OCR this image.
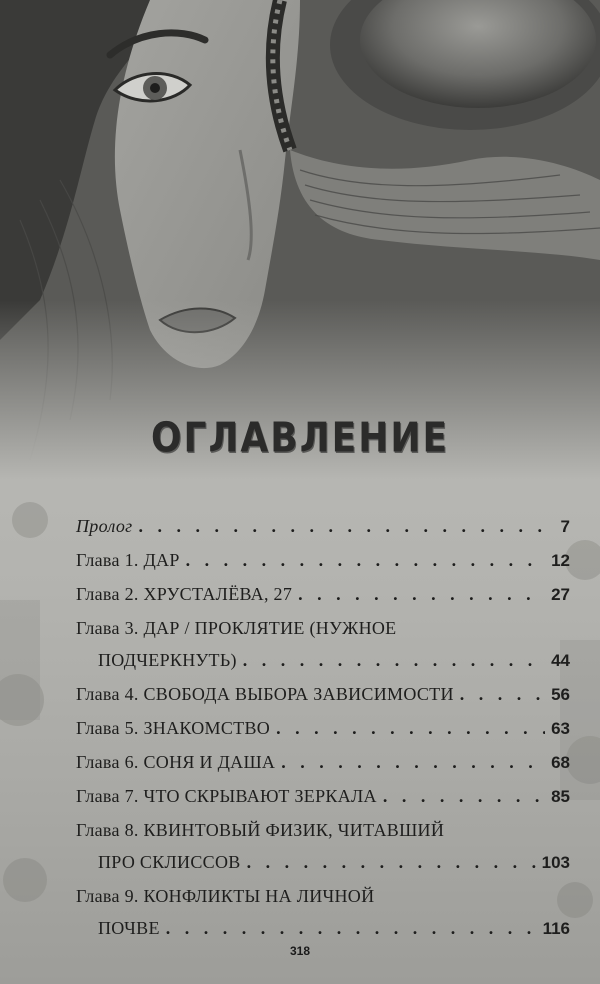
ОГЛАВЛЕНИЕ
Пролог . . .	7
Глава 1. ДАР . . .	12
Глава 2. ХРУСТАЛЁВА, 27 . . .	27
Глава 3. ДАР / ПРОКЛЯТИЕ (НУЖНОЕ
ПОДЧЕРКНУТЬ) . . .	44
Глава 4. СВОБОДА ВЫБОРА ЗАВИСИМОСТИ . . .	56
Глава 5. ЗНАКОМСТВО . . .	63
Глава 6. СОНЯ И ДАША . . .	68
Глава 7. ЧТО СКРЫВАЮТ ЗЕРКАЛА . . .	85
Глава 8. КВИНТОВЫЙ ФИЗИК, ЧИТАВШИЙ
ПРО СКЛИССОВ . . .	103
Глава 9. КОНФЛИКТЫ НА ЛИЧНОЙ
ПОЧВЕ . . .	116
318
